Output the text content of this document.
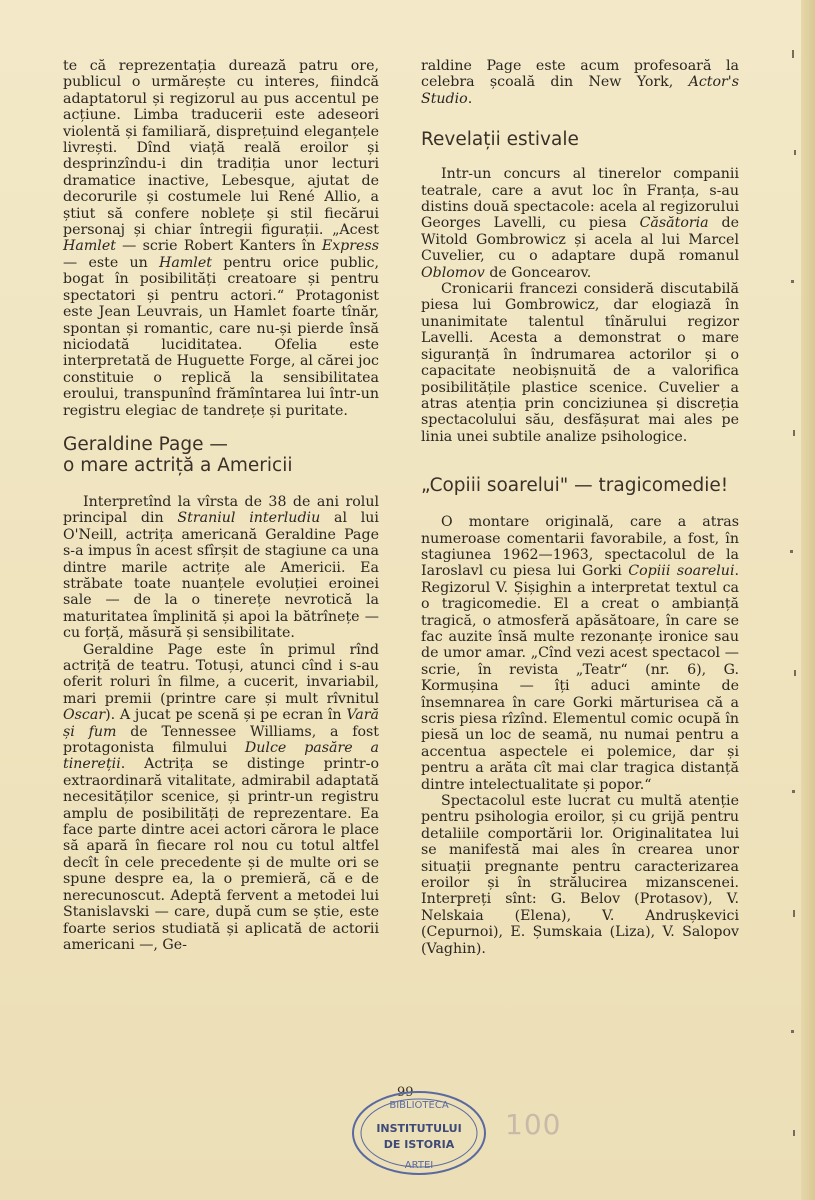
te că reprezentația durează patru ore, publicul o urmărește cu interes, fiindcă adaptatorul și regizorul au pus accentul pe acțiune. Limba traducerii este adeseori violentă și familiară, disprețuind eleganțele livrești. Dînd viață reală eroilor și desprinzîndu-i din tradiția unor lecturi dramatice inactive, Lebesque, ajutat de decorurile și costumele lui René Allio, a știut să confere noblețe și stil fiecărui personaj și chiar întregii figurații. „Acest Hamlet — scrie Robert Kanters în Express — este un Hamlet pentru orice public, bogat în posibilități creatoare și pentru spectatori și pentru actori.“ Protagonist este Jean Leuvrais, un Hamlet foarte tînăr, spontan și romantic, care nu-și pierde însă niciodată luciditatea. Ofelia este interpretată de Huguette Forge, al cărei joc constituie o replică la sensibilitatea eroului, transpunînd frămîntarea lui într-un registru elegiac de tandrețe și puritate.

Geraldine Page —
o mare actriță a Americii

Interpretînd la vîrsta de 38 de ani rolul principal din Straniul interludiu al lui O'Neill, actrița americană Geraldine Page s-a impus în acest sfîrșit de stagiune ca una dintre marile actrițe ale Americii. Ea străbate toate nuanțele evoluției eroinei sale — de la o tinerețe nevrotică la maturitatea împlinită și apoi la bătrînețe — cu forță, măsură și sensibilitate.

Geraldine Page este în primul rînd actriță de teatru. Totuși, atunci cînd i s-au oferit roluri în filme, a cucerit, invariabil, mari premii (printre care și mult rîvnitul Oscar). A jucat pe scenă și pe ecran în Vară și fum de Tennessee Williams, a fost protagonista filmului Dulce pasăre a tinereții. Actrița se distinge printr-o extraordinară vitalitate, admirabil adaptată necesităților scenice, și printr-un registru amplu de posibilități de reprezentare. Ea face parte dintre acei actori cărora le place să apară în fiecare rol nou cu totul altfel decît în cele precedente și de multe ori se spune despre ea, la o premieră, că e de nerecunoscut. Adeptă fervent a metodei lui Stanislavski — care, după cum se știe, este foarte serios studiată și aplicată de actorii americani —, Ge-

raldine Page este acum profesoară la celebra școală din New York, Actor's Studio.

Revelații estivale

Intr-un concurs al tinerelor companii teatrale, care a avut loc în Franța, s-au distins două spectacole: acela al regizorului Georges Lavelli, cu piesa Căsătoria de Witold Gombrowicz și acela al lui Marcel Cuvelier, cu o adaptare după romanul Oblomov de Goncearov.

Cronicarii francezi consideră discutabilă piesa lui Gombrowicz, dar elogiază în unanimitate talentul tînărului regizor Lavelli. Acesta a demonstrat o mare siguranță în îndrumarea actorilor și o capacitate neobișnuită de a valorifica posibilitățile plastice scenice. Cuvelier a atras atenția prin conciziunea și discreția spectacolului său, desfășurat mai ales pe linia unei subtile analize psihologice.

„Copiii soarelui" — tragicomedie!

O montare originală, care a atras numeroase comentarii favorabile, a fost, în stagiunea 1962—1963, spectacolul de la Iaroslavl cu piesa lui Gorki Copiii soarelui. Regizorul V. Șișighin a interpretat textul ca o tragicomedie. El a creat o ambianță tragică, o atmosferă apăsătoare, în care se fac auzite însă multe rezonanțe ironice sau de umor amar. „Cînd vezi acest spectacol — scrie, în revista „Teatr“ (nr. 6), G. Kormușina — îți aduci aminte de însemnarea în care Gorki mărturisea că a scris piesa rîzînd. Elementul comic ocupă în piesă un loc de seamă, nu numai pentru a accentua aspectele ei polemice, dar și pentru a arăta cît mai clar tragica distanță dintre intelectualitate și popor.“

Spectacolul este lucrat cu multă atenție pentru psihologia eroilor, și cu grijă pentru detaliile comportării lor. Originalitatea lui se manifestă mai ales în crearea unor situații pregnante pentru caracterizarea eroilor și în strălucirea mizanscenei. Interpreți sînt: G. Belov (Protasov), V. Nelskaia (Elena), V. Andrușkevici (Cepurnoi), E. Șumskaia (Liza), V. Salopov (Vaghin).

99
BIBLIOTECA
INSTITUTULUI
DE ISTORIA
ARTEI
100
